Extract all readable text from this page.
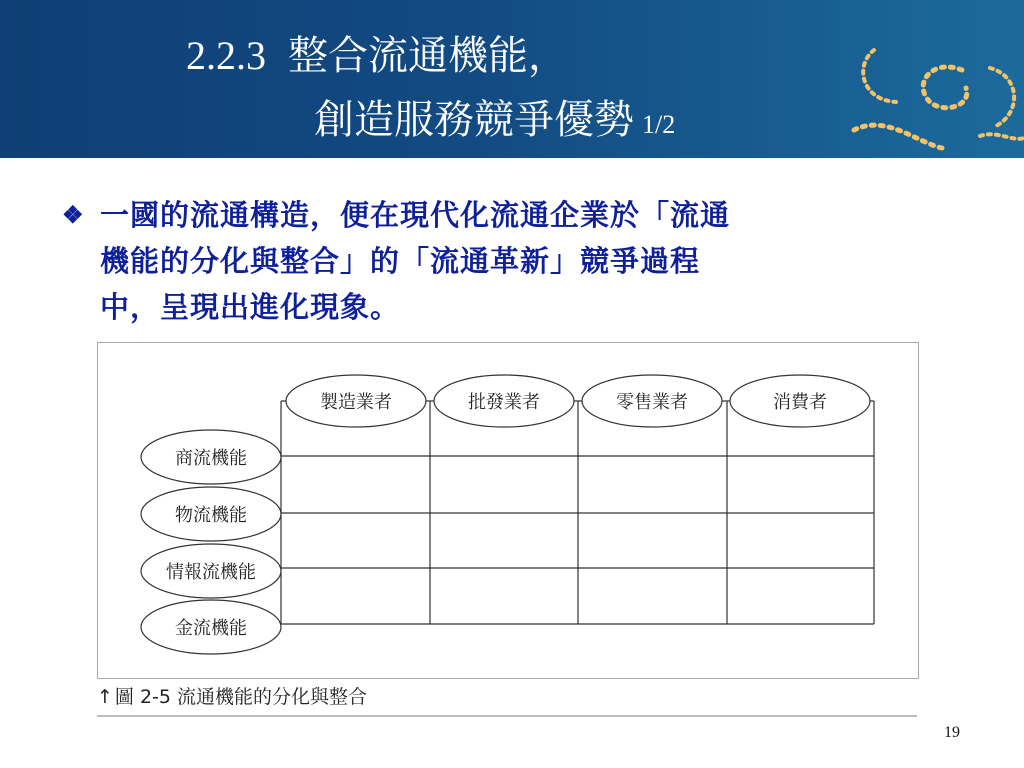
2.2.3 整合流通機能，
創造服務競爭優勢 1/2
❖ 一國的流通構造，便在現代化流通企業於「流通
機能的分化與整合」的「流通革新」競爭過程
中，呈現出進化現象。
製造業者	批發業者	零售業者	消費者
商流機能
物流機能
情報流機能
金流機能
↑ 圖 2-5 流通機能的分化與整合
19
